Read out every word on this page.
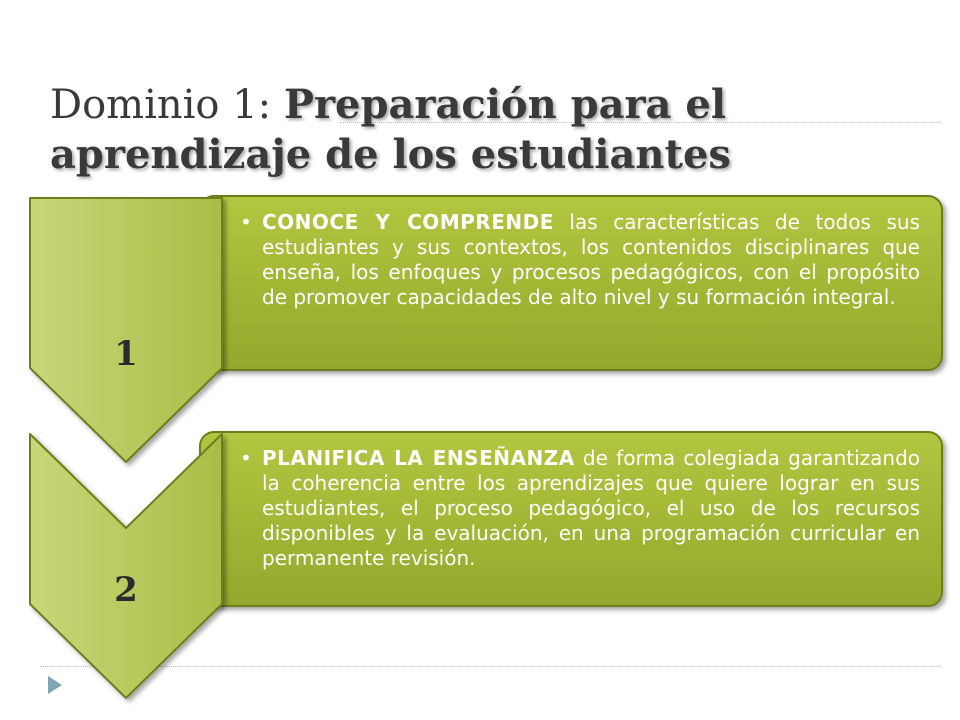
Dominio 1: Preparación para el aprendizaje de los estudiantes
1
2

• CONOCE Y COMPRENDE las características de todos sus estudiantes y sus contextos, los contenidos disciplinares que enseña, los enfoques y procesos pedagógicos, con el propósito de promover capacidades de alto nivel y su formación integral.

• PLANIFICA LA ENSEÑANZA de forma colegiada garantizando la coherencia entre los aprendizajes que quiere lograr en sus estudiantes, el proceso pedagógico, el uso de los recursos disponibles y la evaluación, en una programación curricular en permanente revisión.
